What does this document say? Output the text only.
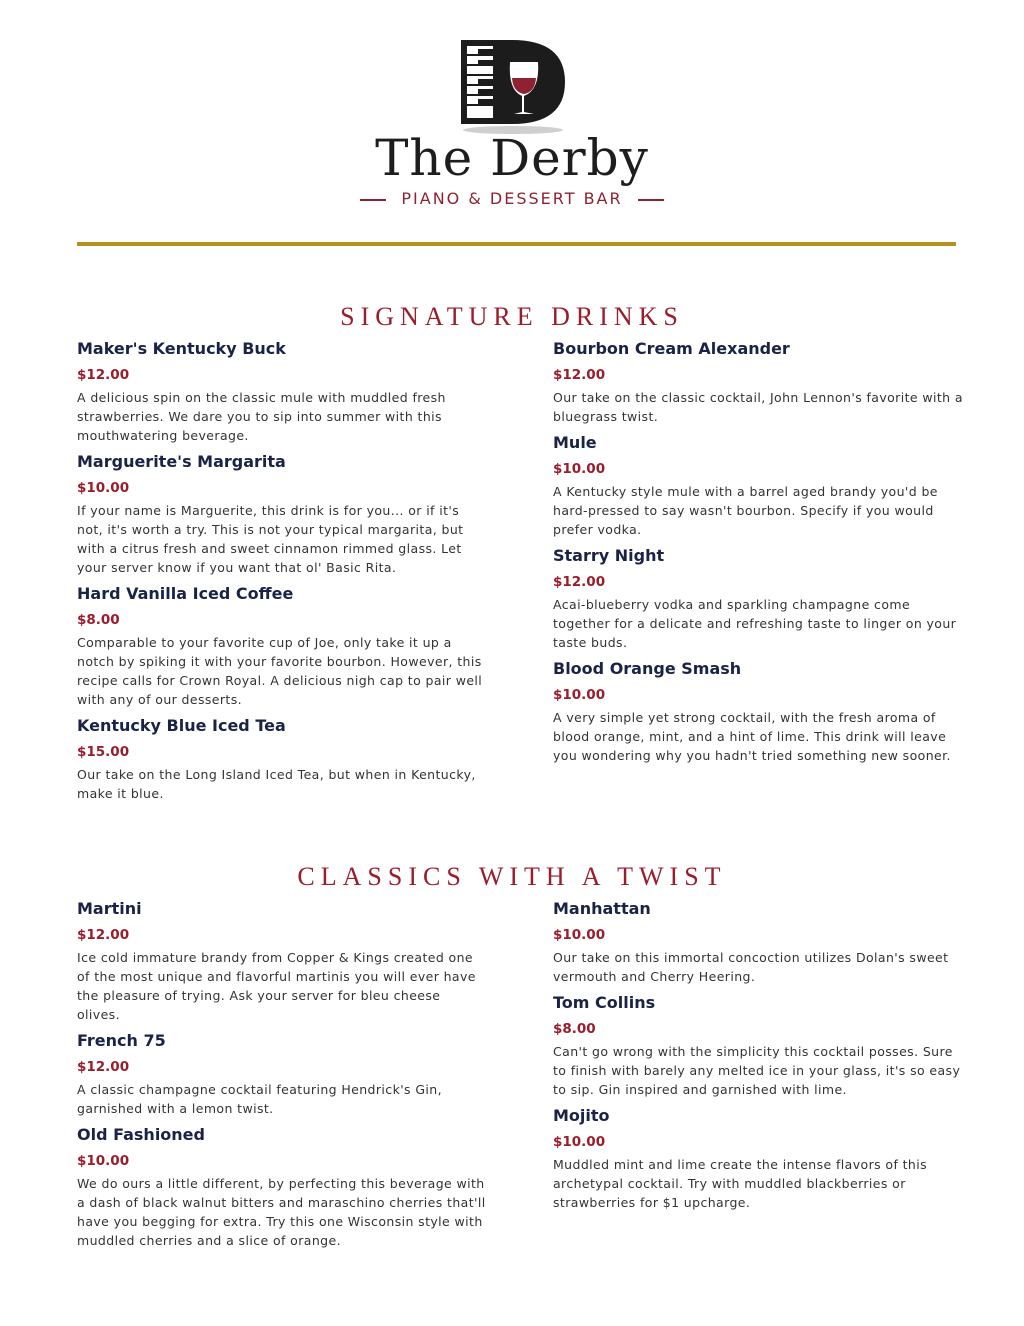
The Derby
PIANO & DESSERT BAR
SIGNATURE DRINKS
Maker's Kentucky Buck
$12.00
A delicious spin on the classic mule with muddled fresh strawberries. We dare you to sip into summer with this mouthwatering beverage.
Marguerite's Margarita
$10.00
If your name is Marguerite, this drink is for you... or if it's not, it's worth a try. This is not your typical margarita, but with a citrus fresh and sweet cinnamon rimmed glass. Let your server know if you want that ol' Basic Rita.
Hard Vanilla Iced Coffee
$8.00
Comparable to your favorite cup of Joe, only take it up a notch by spiking it with your favorite bourbon. However, this recipe calls for Crown Royal. A delicious nigh cap to pair well with any of our desserts.
Kentucky Blue Iced Tea
$15.00
Our take on the Long Island Iced Tea, but when in Kentucky, make it blue.
Bourbon Cream Alexander
$12.00
Our take on the classic cocktail, John Lennon's favorite with a bluegrass twist.
Mule
$10.00
A Kentucky style mule with a barrel aged brandy you'd be hard-pressed to say wasn't bourbon. Specify if you would prefer vodka.
Starry Night
$12.00
Acai-blueberry vodka and sparkling champagne come together for a delicate and refreshing taste to linger on your taste buds.
Blood Orange Smash
$10.00
A very simple yet strong cocktail, with the fresh aroma of blood orange, mint, and a hint of lime. This drink will leave you wondering why you hadn't tried something new sooner.
CLASSICS WITH A TWIST
Martini
$12.00
Ice cold immature brandy from Copper & Kings created one of the most unique and flavorful martinis you will ever have the pleasure of trying. Ask your server for bleu cheese olives.
French 75
$12.00
A classic champagne cocktail featuring Hendrick's Gin, garnished with a lemon twist.
Old Fashioned
$10.00
We do ours a little different, by perfecting this beverage with a dash of black walnut bitters and maraschino cherries that'll have you begging for extra. Try this one Wisconsin style with muddled cherries and a slice of orange.
Manhattan
$10.00
Our take on this immortal concoction utilizes Dolan's sweet vermouth and Cherry Heering.
Tom Collins
$8.00
Can't go wrong with the simplicity this cocktail posses. Sure to finish with barely any melted ice in your glass, it's so easy to sip. Gin inspired and garnished with lime.
Mojito
$10.00
Muddled mint and lime create the intense flavors of this archetypal cocktail. Try with muddled blackberries or strawberries for $1 upcharge.
